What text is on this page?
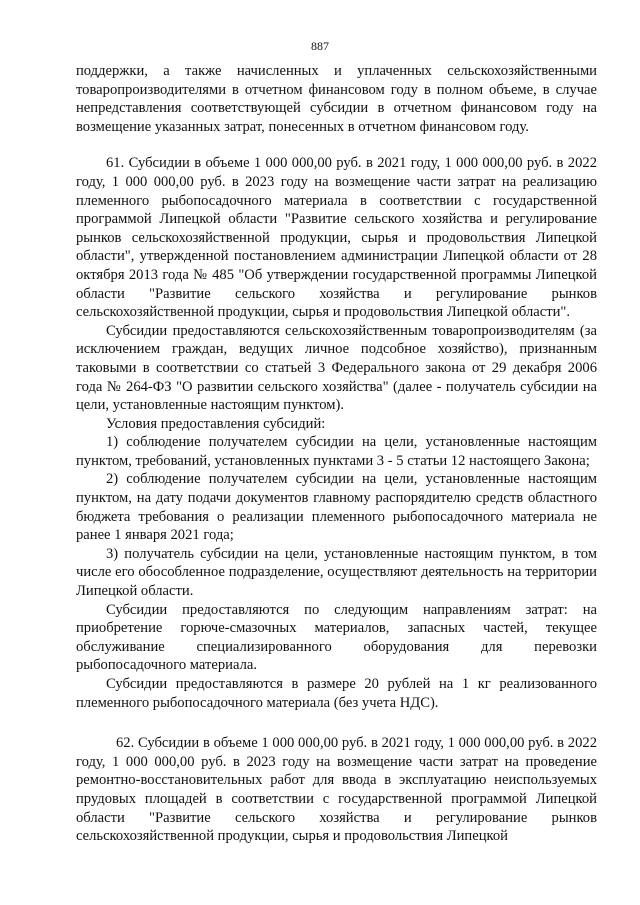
887

поддержки, а также начисленных и уплаченных сельскохозяйственными товаропроизводителями в отчетном финансовом году в полном объеме, в случае непредставления соответствующей субсидии в отчетном финансовом году на возмещение указанных затрат, понесенных в отчетном финансовом году.

61. Субсидии в объеме 1 000 000,00 руб. в 2021 году, 1 000 000,00 руб. в 2022 году, 1 000 000,00 руб. в 2023 году на возмещение части затрат на реализацию племенного рыбопосадочного материала в соответствии с государственной программой Липецкой области "Развитие сельского хозяйства и регулирование рынков сельскохозяйственной продукции, сырья и продовольствия Липецкой области", утвержденной постановлением администрации Липецкой области от 28 октября 2013 года № 485 "Об утверждении государственной программы Липецкой области "Развитие сельского хозяйства и регулирование рынков сельскохозяйственной продукции, сырья и продовольствия Липецкой области".

Субсидии предоставляются сельскохозяйственным товаропроизводителям (за исключением граждан, ведущих личное подсобное хозяйство), признанным таковыми в соответствии со статьей 3 Федерального закона от 29 декабря 2006 года № 264-ФЗ "О развитии сельского хозяйства" (далее - получатель субсидии на цели, установленные настоящим пунктом).

Условия предоставления субсидий:

1) соблюдение получателем субсидии на цели, установленные настоящим пунктом, требований, установленных пунктами 3 - 5 статьи 12 настоящего Закона;

2) соблюдение получателем субсидии на цели, установленные настоящим пунктом, на дату подачи документов главному распорядителю средств областного бюджета требования о реализации племенного рыбопосадочного материала не ранее 1 января 2021 года;

3) получатель субсидии на цели, установленные настоящим пунктом, в том числе его обособленное подразделение, осуществляют деятельность на территории Липецкой области.

Субсидии предоставляются по следующим направлениям затрат: на приобретение горюче-смазочных материалов, запасных частей, текущее обслуживание специализированного оборудования для перевозки рыбопосадочного материала.

Субсидии предоставляются в размере 20 рублей на 1 кг реализованного племенного рыбопосадочного материала (без учета НДС).

62. Субсидии в объеме 1 000 000,00 руб. в 2021 году, 1 000 000,00 руб. в 2022 году, 1 000 000,00 руб. в 2023 году на возмещение части затрат на проведение ремонтно-восстановительных работ для ввода в эксплуатацию неиспользуемых прудовых площадей в соответствии с государственной программой Липецкой области "Развитие сельского хозяйства и регулирование рынков сельскохозяйственной продукции, сырья и продовольствия Липецкой
